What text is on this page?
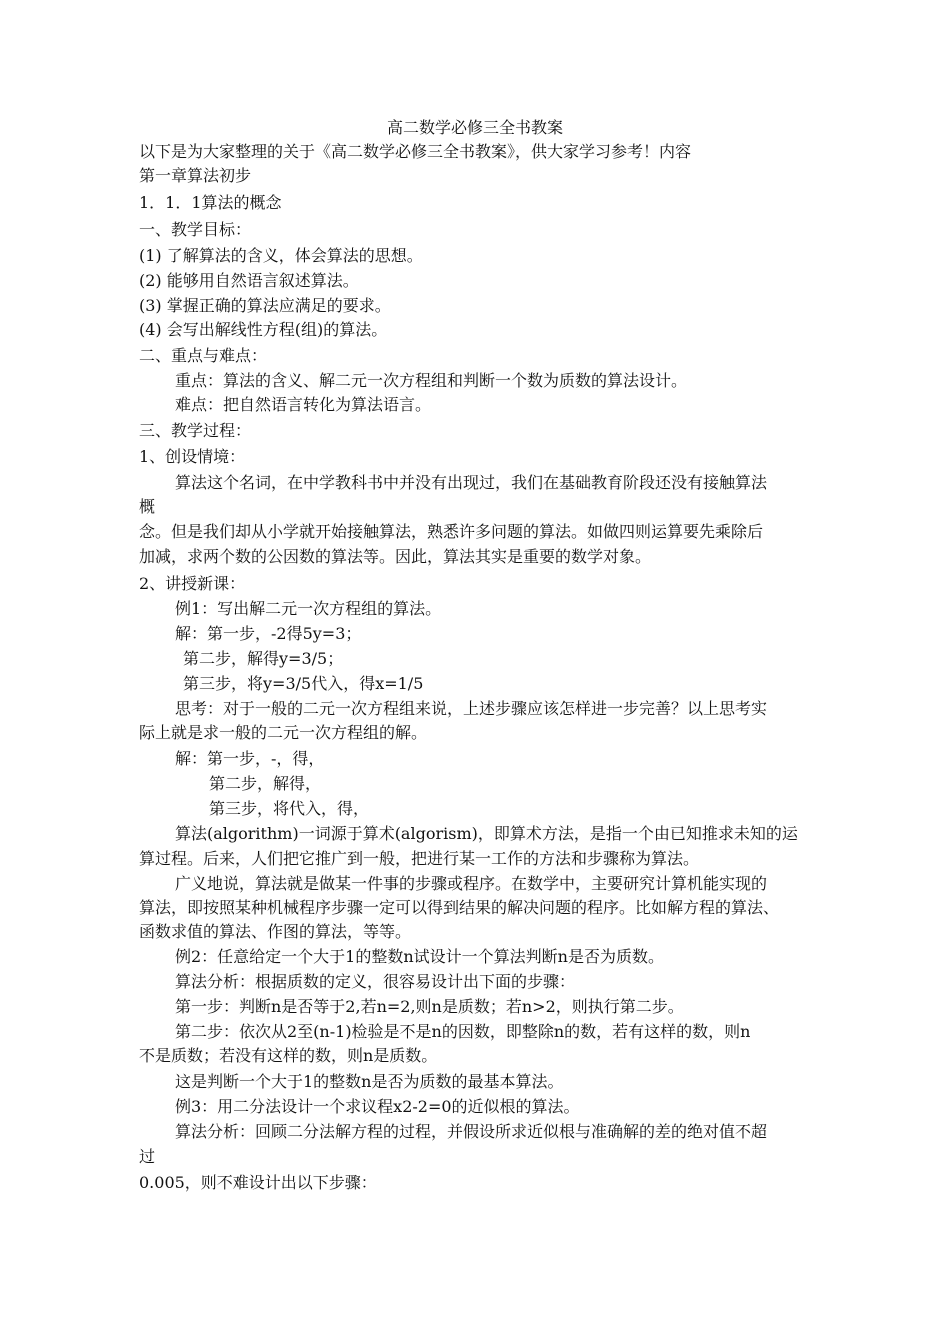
高二数学必修三全书教案
以下是为大家整理的关于《高二数学必修三全书教案》，供大家学习参考！内容
第一章算法初步
1．1．1算法的概念
一、教学目标：
(1) 了解算法的含义，体会算法的思想。
(2) 能够用自然语言叙述算法。
(3) 掌握正确的算法应满足的要求。
(4) 会写出解线性方程(组)的算法。
二、重点与难点：
重点：算法的含义、解二元一次方程组和判断一个数为质数的算法设计。
难点：把自然语言转化为算法语言。
三、教学过程：
1、创设情境：
算法这个名词，在中学教科书中并没有出现过，我们在基础教育阶段还没有接触算法
概
念。但是我们却从小学就开始接触算法，熟悉许多问题的算法。如做四则运算要先乘除后
加减，求两个数的公因数的算法等。因此，算法其实是重要的数学对象。
2、讲授新课：
例1：写出解二元一次方程组的算法。
解：第一步，-2得5y=3；
第二步，解得y=3/5；
第三步，将y=3/5代入，得x=1/5
思考：对于一般的二元一次方程组来说，上述步骤应该怎样进一步完善？以上思考实
际上就是求一般的二元一次方程组的解。
解：第一步，-，得，
第二步，解得，
第三步，将代入，得，
算法(algorithm)一词源于算术(algorism)，即算术方法，是指一个由已知推求未知的运
算过程。后来，人们把它推广到一般，把进行某一工作的方法和步骤称为算法。
广义地说，算法就是做某一件事的步骤或程序。在数学中，主要研究计算机能实现的
算法，即按照某种机械程序步骤一定可以得到结果的解决问题的程序。比如解方程的算法、
函数求值的算法、作图的算法，等等。
例2：任意给定一个大于1的整数n试设计一个算法判断n是否为质数。
算法分析：根据质数的定义，很容易设计出下面的步骤：
第一步：判断n是否等于2,若n=2,则n是质数；若n>2，则执行第二步。
第二步：依次从2至(n-1)检验是不是n的因数，即整除n的数，若有这样的数，则n
不是质数；若没有这样的数，则n是质数。
这是判断一个大于1的整数n是否为质数的最基本算法。
例3：用二分法设计一个求议程x2-2=0的近似根的算法。
算法分析：回顾二分法解方程的过程，并假设所求近似根与准确解的差的绝对值不超
过
0.005，则不难设计出以下步骤：
